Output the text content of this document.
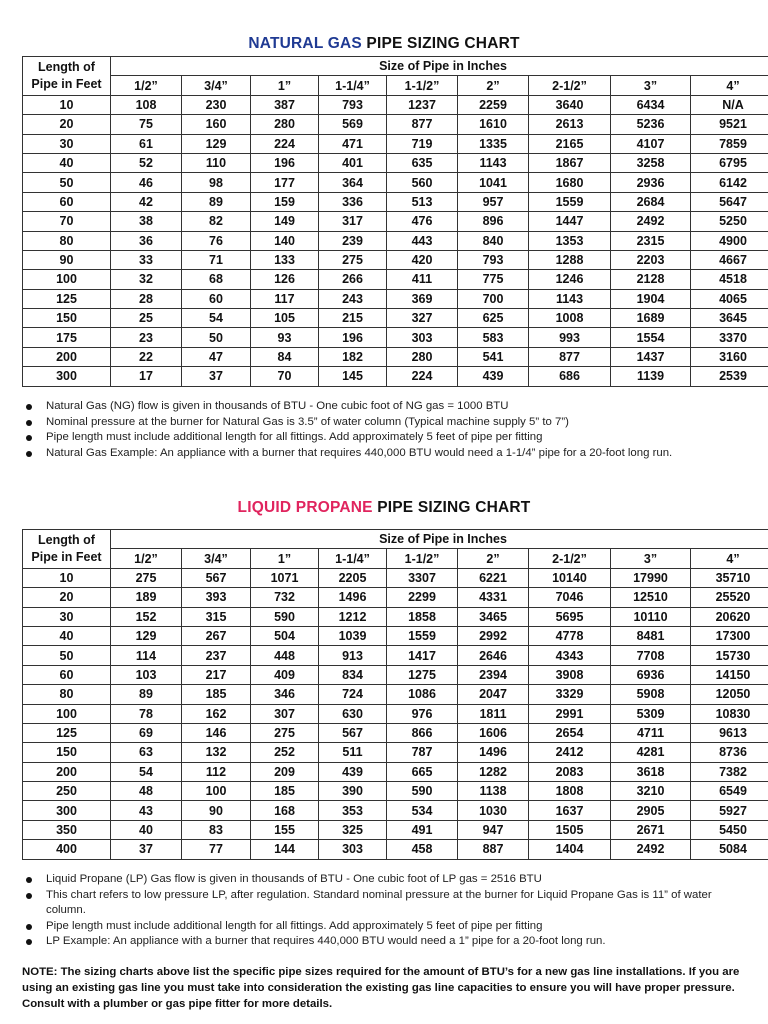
NATURAL GAS PIPE SIZING CHART
Length of
Pipe in Feet	Size of Pipe in Inches								
	1/2”	3/4”	1”	1-1/4”	1-1/2”	2”	2-1/2”	3”	4”
10	108	230	387	793	1237	2259	3640	6434	N/A
20	75	160	280	569	877	1610	2613	5236	9521
30	61	129	224	471	719	1335	2165	4107	7859
40	52	110	196	401	635	1143	1867	3258	6795
50	46	98	177	364	560	1041	1680	2936	6142
60	42	89	159	336	513	957	1559	2684	5647
70	38	82	149	317	476	896	1447	2492	5250
80	36	76	140	239	443	840	1353	2315	4900
90	33	71	133	275	420	793	1288	2203	4667
100	32	68	126	266	411	775	1246	2128	4518
125	28	60	117	243	369	700	1143	1904	4065
150	25	54	105	215	327	625	1008	1689	3645
175	23	50	93	196	303	583	993	1554	3370
200	22	47	84	182	280	541	877	1437	3160
300	17	37	70	145	224	439	686	1139	2539
Natural Gas (NG) flow is given in thousands of BTU - One cubic foot of NG gas = 1000 BTU
Nominal pressure at the burner for Natural Gas is 3.5” of water column (Typical machine supply 5” to 7”)
Pipe length must include additional length for all fittings. Add approximately 5 feet of pipe per fitting
Natural Gas Example: An appliance with a burner that requires 440,000 BTU would need a 1-1/4” pipe for a 20-foot long run.
LIQUID PROPANE PIPE SIZING CHART
Length of
Pipe in Feet	Size of Pipe in Inches								
	1/2”	3/4”	1”	1-1/4”	1-1/2”	2”	2-1/2”	3”	4”
10	275	567	1071	2205	3307	6221	10140	17990	35710
20	189	393	732	1496	2299	4331	7046	12510	25520
30	152	315	590	1212	1858	3465	5695	10110	20620
40	129	267	504	1039	1559	2992	4778	8481	17300
50	114	237	448	913	1417	2646	4343	7708	15730
60	103	217	409	834	1275	2394	3908	6936	14150
80	89	185	346	724	1086	2047	3329	5908	12050
100	78	162	307	630	976	1811	2991	5309	10830
125	69	146	275	567	866	1606	2654	4711	9613
150	63	132	252	511	787	1496	2412	4281	8736
200	54	112	209	439	665	1282	2083	3618	7382
250	48	100	185	390	590	1138	1808	3210	6549
300	43	90	168	353	534	1030	1637	2905	5927
350	40	83	155	325	491	947	1505	2671	5450
400	37	77	144	303	458	887	1404	2492	5084
Liquid Propane (LP) Gas flow is given in thousands of BTU - One cubic foot of LP gas = 2516 BTU
This chart refers to low pressure LP, after regulation. Standard nominal pressure at the burner for Liquid Propane Gas is 11” of water column.
Pipe length must include additional length for all fittings. Add approximately 5 feet of pipe per fitting
LP Example: An appliance with a burner that requires 440,000 BTU would need a 1” pipe for a 20-foot long run.
NOTE: The sizing charts above list the specific pipe sizes required for the amount of BTU’s for a new gas line installations. If you are using an existing gas line you must take into consideration the existing gas line capacities to ensure you will have proper pressure. Consult with a plumber or gas pipe fitter for more details.
